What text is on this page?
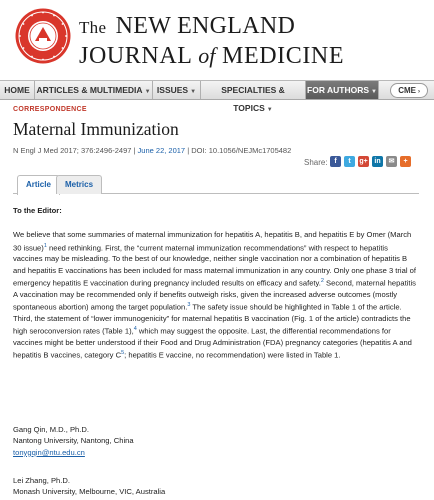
The NEW ENGLAND
JOURNAL of MEDICINE
HOME ARTICLES & MULTIMEDIA ▼ ISSUES ▼	SPECIALTIES & TOPICS ▼
FOR AUTHORS ▼	CME ›
CORRESPONDENCE
Maternal Immunization
N Engl J Med 2017; 376:2496-2497 | June 22, 2017 | DOI: 10.1056/NEJMc1705482
Share: f	t	g+ in	✉	+
Article	Metrics

To the Editor:

We believe that some summaries of maternal immunization for hepatitis A, hepatitis B, and hepatitis E by Omer (March 30 issue)$^1$ need rethinking. First, the “current maternal immunization recommendations” with respect to hepatitis vaccines may be misleading. To the best of our knowledge, neither single vaccination nor a combination of hepatitis B and hepatitis E vaccinations has been included for mass maternal immunization in any country. Only one phase 3 trial of emergency hepatitis E vaccination during pregnancy included results on efficacy and safety.$^2$ Second, maternal hepatitis A vaccination may be recommended only if benefits outweigh risks, given the increased adverse outcomes (mostly spontaneous abortion) among the target population.$^3$ The safety issue should be highlighted in Table 1 of the article. Third, the statement of “lower immunogenicity” for maternal hepatitis B vaccination (Fig. 1 of the article) contradicts the high seroconversion rates (Table 1),$^4$ which may suggest the opposite. Last, the differential recommendations for vaccines might be better understood if their Food and Drug Administration (FDA) pregnancy categories (hepatitis A and hepatitis B vaccines, category $C^5$; hepatitis E vaccine, no recommendation) were listed in Table 1.

Gang Qin, M.D., Ph.D.
Nantong University, Nantong, China
tonygqin@ntu.edu.cn
Lei Zhang, Ph.D.
Monash University, Melbourne, VIC, Australia
